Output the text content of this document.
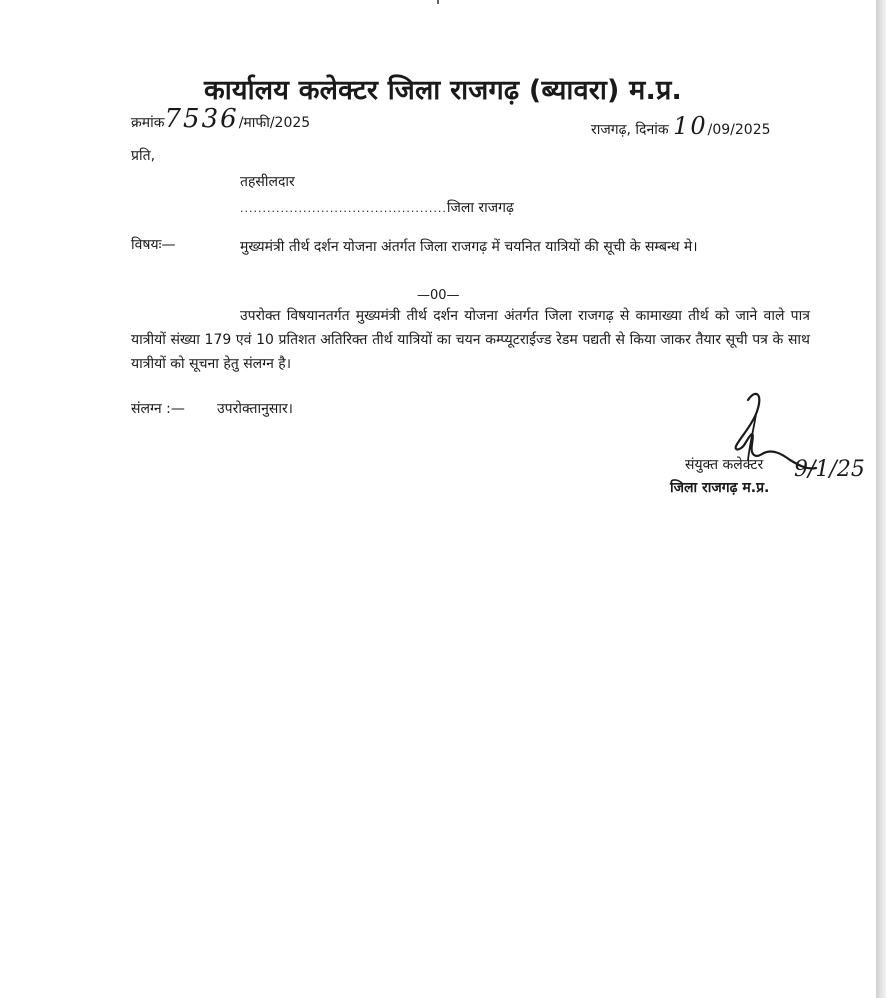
कार्यालय कलेक्टर जिला राजगढ़ (ब्यावरा) म.प्र.
क्रमांक7536/माफी/2025	राजगढ़, दिनांक 10/09/2025
प्रति,
तहसीलदार
..............................................जिला राजगढ़
विषयः—	मुख्यमंत्री तीर्थ दर्शन योजना अंतर्गत जिला राजगढ़ में चयनित यात्रियों की सूची के सम्बन्ध मे।
—00—
उपरोक्त विषयानतर्गत मुख्यमंत्री तीर्थ दर्शन योजना अंतर्गत जिला राजगढ़ से कामाख्या तीर्थ को जाने वाले पात्र यात्रीयों संख्या 179 एवं 10 प्रतिशत अतिरिक्त तीर्थ यात्रियों का चयन कम्प्यूटराईज्ड रेडम पद्यती से किया जाकर तैयार सूची पत्र के साथ यात्रीयों को सूचना हेतु संलग्न है।
संलग्न :— उपरोक्तानुसार।
संयुक्त कलेक्टर
जिला राजगढ़ म.प्र.
9/1/25
